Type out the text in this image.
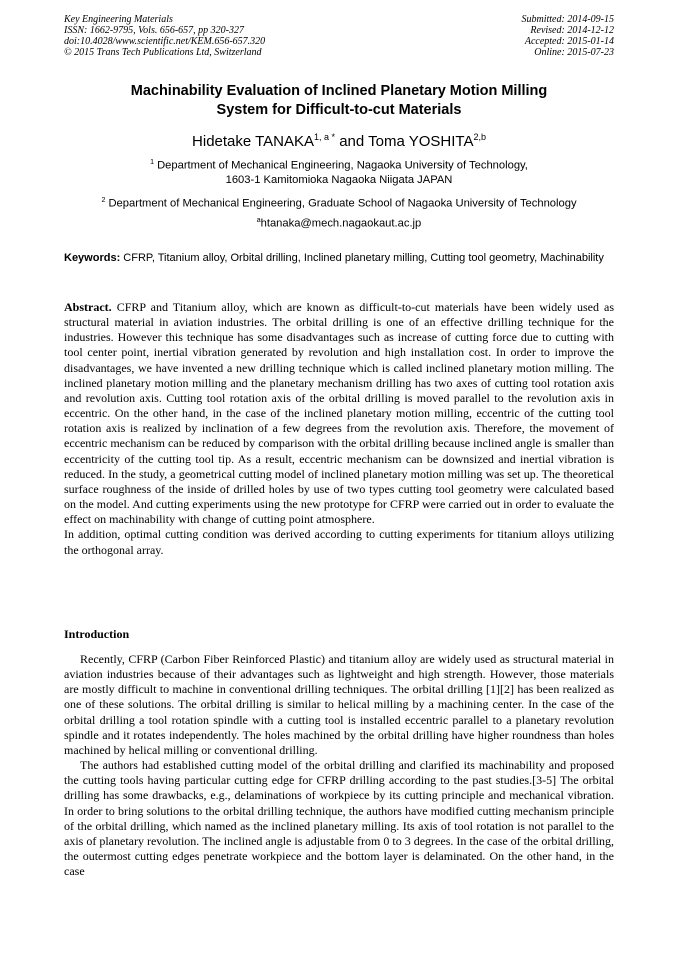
Key Engineering Materials
ISSN: 1662-9795, Vols. 656-657, pp 320-327
doi:10.4028/www.scientific.net/KEM.656-657.320
© 2015 Trans Tech Publications Ltd, Switzerland
Submitted: 2014-09-15
Revised: 2014-12-12
Accepted: 2015-01-14
Online: 2015-07-23
Machinability Evaluation of Inclined Planetary Motion Milling
System for Difficult-to-cut Materials
Hidetake $TANAKA^{1, a *}$ and Toma YOSHITA$^{2,b}$
$^1$ Department of Mechanical Engineering, Nagaoka University of Technology,
1603-1 Kamitomioka Nagaoka Niigata JAPAN
$^2$ Department of Mechanical Engineering, Graduate School of Nagaoka University of Technology
$^a$htanaka@mech.nagaokaut.ac.jp
Keywords: CFRP, Titanium alloy, Orbital drilling, Inclined planetary milling, Cutting tool geometry, Machinability

Abstract. CFRP and Titanium alloy, which are known as difficult-to-cut materials have been widely used as structural material in aviation industries. The orbital drilling is one of an effective drilling technique for the industries. However this technique has some disadvantages such as increase of cutting force due to cutting with tool center point, inertial vibration generated by revolution and high installation cost. In order to improve the disadvantages, we have invented a new drilling technique which is called inclined planetary motion milling. The inclined planetary motion milling and the planetary mechanism drilling has two axes of cutting tool rotation axis and revolution axis. Cutting tool rotation axis of the orbital drilling is moved parallel to the revolution axis in eccentric. On the other hand, in the case of the inclined planetary motion milling, eccentric of the cutting tool rotation axis is realized by inclination of a few degrees from the revolution axis. Therefore, the movement of eccentric mechanism can be reduced by comparison with the orbital drilling because inclined angle is smaller than eccentricity of the cutting tool tip. As a result, eccentric mechanism can be downsized and inertial vibration is reduced. In the study, a geometrical cutting model of inclined planetary motion milling was set up. The theoretical surface roughness of the inside of drilled holes by use of two types cutting tool geometry were calculated based on the model. And cutting experiments using the new prototype for CFRP were carried out in order to evaluate the effect on machinability with change of cutting point atmosphere.

In addition, optimal cutting condition was derived according to cutting experiments for titanium alloys utilizing the orthogonal array.

Introduction

Recently, CFRP (Carbon Fiber Reinforced Plastic) and titanium alloy are widely used as structural material in aviation industries because of their advantages such as lightweight and high strength. However, those materials are mostly difficult to machine in conventional drilling techniques. The orbital drilling [1][2] has been realized as one of these solutions. The orbital drilling is similar to helical milling by a machining center. In the case of the orbital drilling a tool rotation spindle with a cutting tool is installed eccentric parallel to a planetary revolution spindle and it rotates independently. The holes machined by the orbital drilling have higher roundness than holes machined by helical milling or conventional drilling.

The authors had established cutting model of the orbital drilling and clarified its machinability and proposed the cutting tools having particular cutting edge for CFRP drilling according to the past studies.[3-5] The orbital drilling has some drawbacks, e.g., delaminations of workpiece by its cutting principle and mechanical vibration. In order to bring solutions to the orbital drilling technique, the authors have modified cutting mechanism principle of the orbital drilling, which named as the inclined planetary milling. Its axis of tool rotation is not parallel to the axis of planetary revolution. The inclined angle is adjustable from 0 to 3 degrees. In the case of the orbital drilling, the outermost cutting edges penetrate workpiece and the bottom layer is delaminated. On the other hand, in the case
